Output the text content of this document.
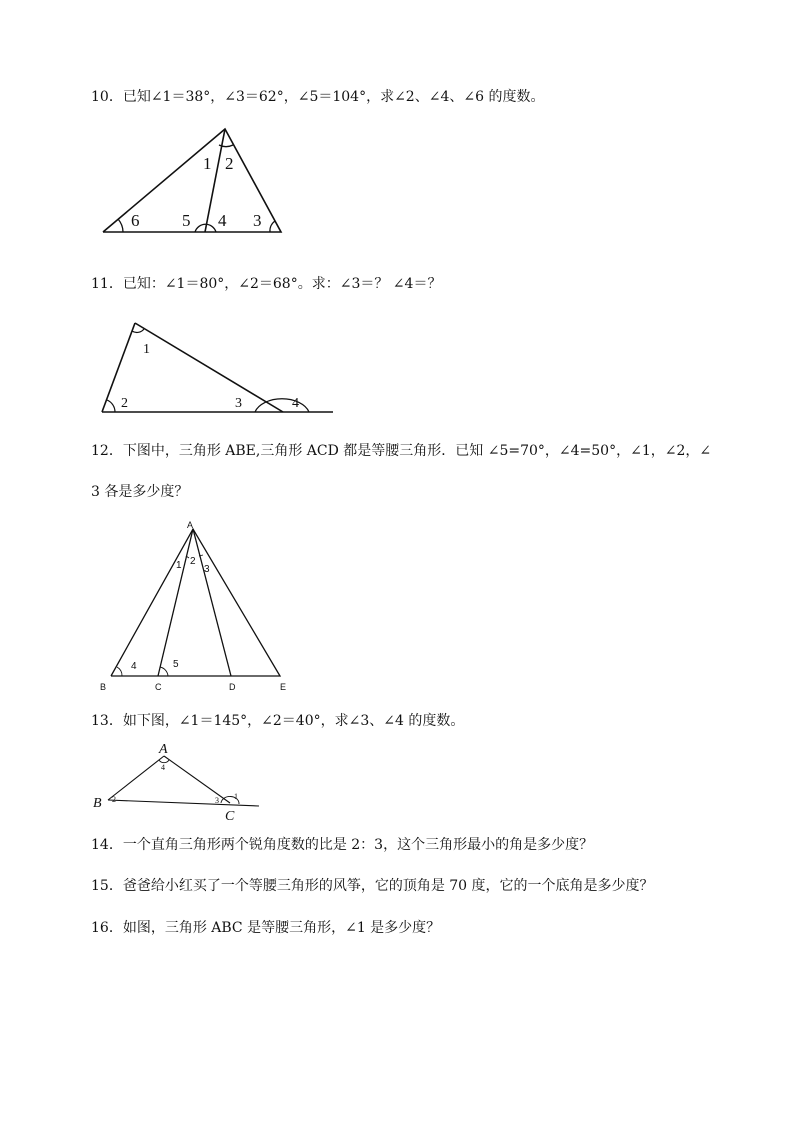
10．已知∠1＝38°，∠3＝62°，∠5＝104°，求∠2、∠4、∠6 的度数。
1 2
6	5 4 3
11．已知：∠1＝80°，∠2＝68°。求：∠3＝？ ∠4＝？
1
2	3	4
12．下图中，三角形 ABE,三角形 ACD 都是等腰三角形．已知 ∠5=70°，∠4=50°，∠1，∠2，∠
3 各是多少度？
A
B	C	D	E
1 2
3
4	5
13．如下图，∠1＝145°，∠2＝40°，求∠3、∠4 的度数。
A
B
C
4
2	3 1
14．一个直角三角形两个锐角度数的比是 2：3，这个三角形最小的角是多少度？
15．爸爸给小红买了一个等腰三角形的风筝，它的顶角是 70 度，它的一个底角是多少度？
16．如图，三角形 ABC 是等腰三角形，∠1 是多少度？
